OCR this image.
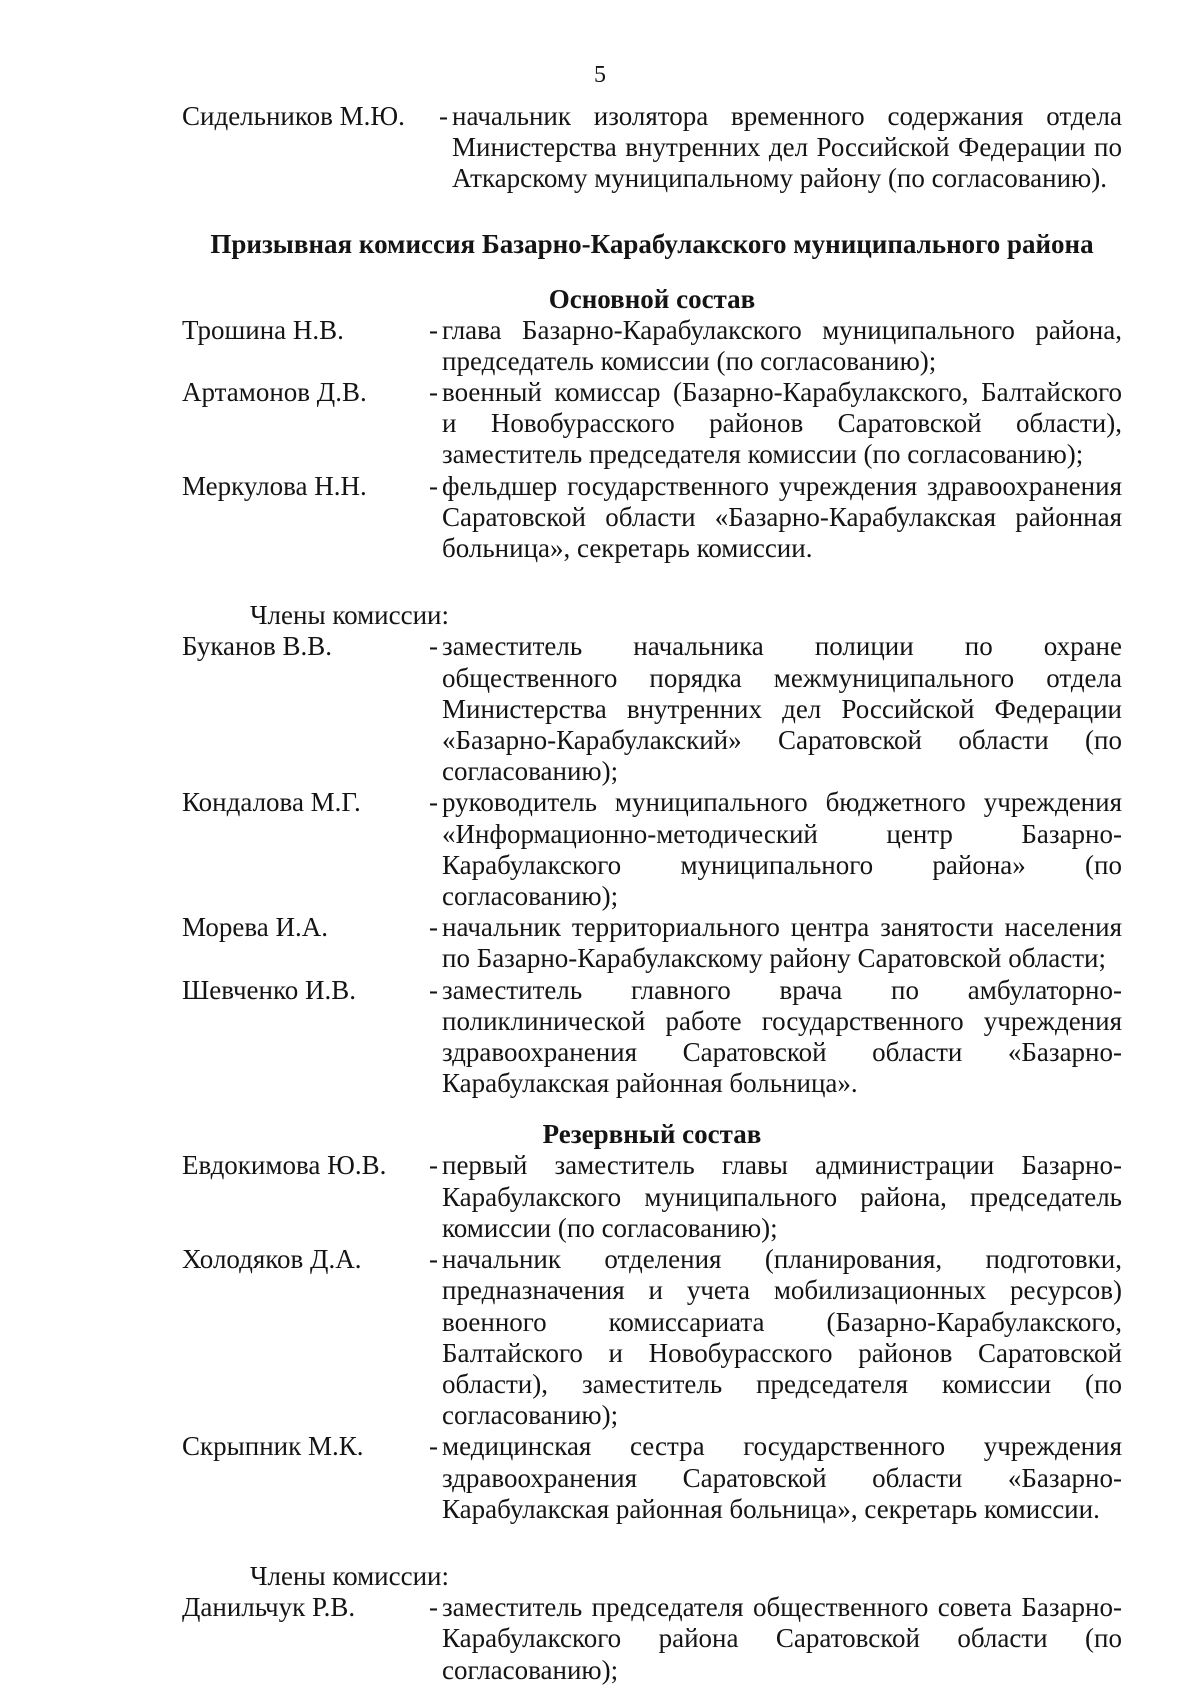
5
Сидельников М.Ю.	- начальник изолятора временного содержания отдела Министерства внутренних дел Российской Федерации по Аткарскому муниципальному району (по согласованию).
Призывная комиссия Базарно-Карабулакского муниципального района
Основной состав
Трошина Н.В.	- глава Базарно-Карабулакского муниципального района, председатель комиссии (по согласованию);
Артамонов Д.В.	- военный комиссар (Базарно-Карабулакского, Балтайского и Новобурасского районов Саратовской области), заместитель председателя комиссии (по согласованию);
Меркулова Н.Н.	- фельдшер государственного учреждения здравоохранения Саратовской области «Базарно-Карабулакская районная больница», секретарь комиссии.
Члены комиссии:
Буканов В.В.	- заместитель начальника полиции по охране общественного порядка межмуниципального отдела Министерства внутренних дел Российской Федерации «Базарно-Карабулакский» Саратовской области (по согласованию);
Кондалова М.Г.	- руководитель муниципального бюджетного учреждения «Информационно-методический центр Базарно-Карабулакского муниципального района» (по согласованию);
Морева И.А.	- начальник территориального центра занятости населения по Базарно-Карабулакскому району Саратовской области;
Шевченко И.В.	- заместитель главного врача по амбулаторно-поликлинической работе государственного учреждения здравоохранения Саратовской области «Базарно-Карабулакская районная больница».
Резервный состав
Евдокимова Ю.В.	- первый заместитель главы администрации Базарно-Карабулакского муниципального района, председатель комиссии (по согласованию);
Холодяков Д.А.	- начальник отделения (планирования, подготовки, предназначения и учета мобилизационных ресурсов) военного комиссариата (Базарно-Карабулакского, Балтайского и Новобурасского районов Саратовской области), заместитель председателя комиссии (по согласованию);
Скрыпник М.К.	- медицинская сестра государственного учреждения здравоохранения Саратовской области «Базарно-Карабулакская районная больница», секретарь комиссии.
Члены комиссии:
Данильчук Р.В.	- заместитель председателя общественного совета Базарно-Карабулакского района Саратовской области (по согласованию);
